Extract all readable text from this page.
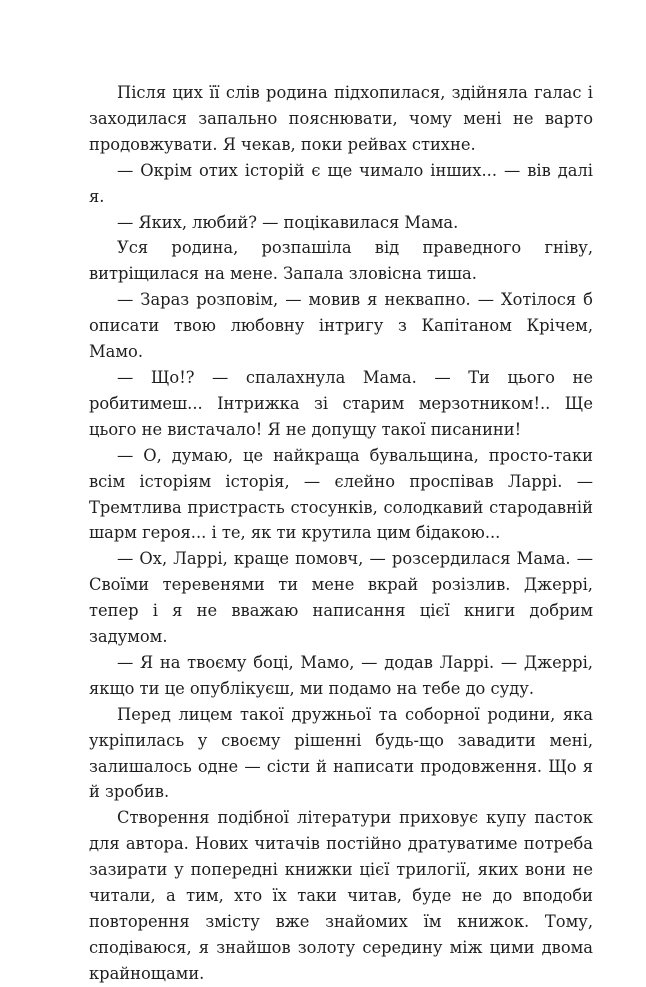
Після цих її слів родина підхопилася, здійняла галас і заходилася запально пояснювати, чому мені не варто продовжувати. Я чекав, поки рейвах стихне.

— Окрім отих історій є ще чимало інших... — вів далі я.

— Яких, любий? — поцікавилася Мама.

Уся родина, розпашіла від праведного гніву, витріщилася на мене. Запала зловісна тиша.

— Зараз розповім, — мовив я неквапно. — Хотілося б описати твою любовну інтригу з Капітаном Крічем, Мамо.

— Що!? — спалахнула Мама. — Ти цього не робитимеш... Інтрижка зі старим мерзотником!.. Ще цього не вистачало! Я не допущу такої писанини!

— О, думаю, це найкраща бувальщина, просто-таки всім історіям історія, — єлейно проспівав Ларрі. — Тремтлива пристрасть стосунків, солодкавий стародавній шарм героя... і те, як ти крутила цим бідакою...

— Ох, Ларрі, краще помовч, — розсердилася Мама. — Своїми теревенями ти мене вкрай розізлив. Джеррі, тепер і я не вважаю написання цієї книги добрим задумом.

— Я на твоєму боці, Мамо, — додав Ларрі. — Джеррі, якщо ти це опублікуєш, ми подамо на тебе до суду.

Перед лицем такої дружньої та соборної родини, яка укріпилась у своєму рішенні будь-що завадити мені, залишалось одне — сісти й написати продовження. Що я й зробив.

Створення подібної літератури приховує купу пасток для автора. Нових читачів постійно дратуватиме потреба зазирати у попередні книжки цієї трилогії, яких вони не читали, а тим, хто їх таки читав, буде не до вподоби повторення змісту вже знайомих їм книжок. Тому, сподіваюся, я знайшов золоту середину між цими двома крайнощами.
